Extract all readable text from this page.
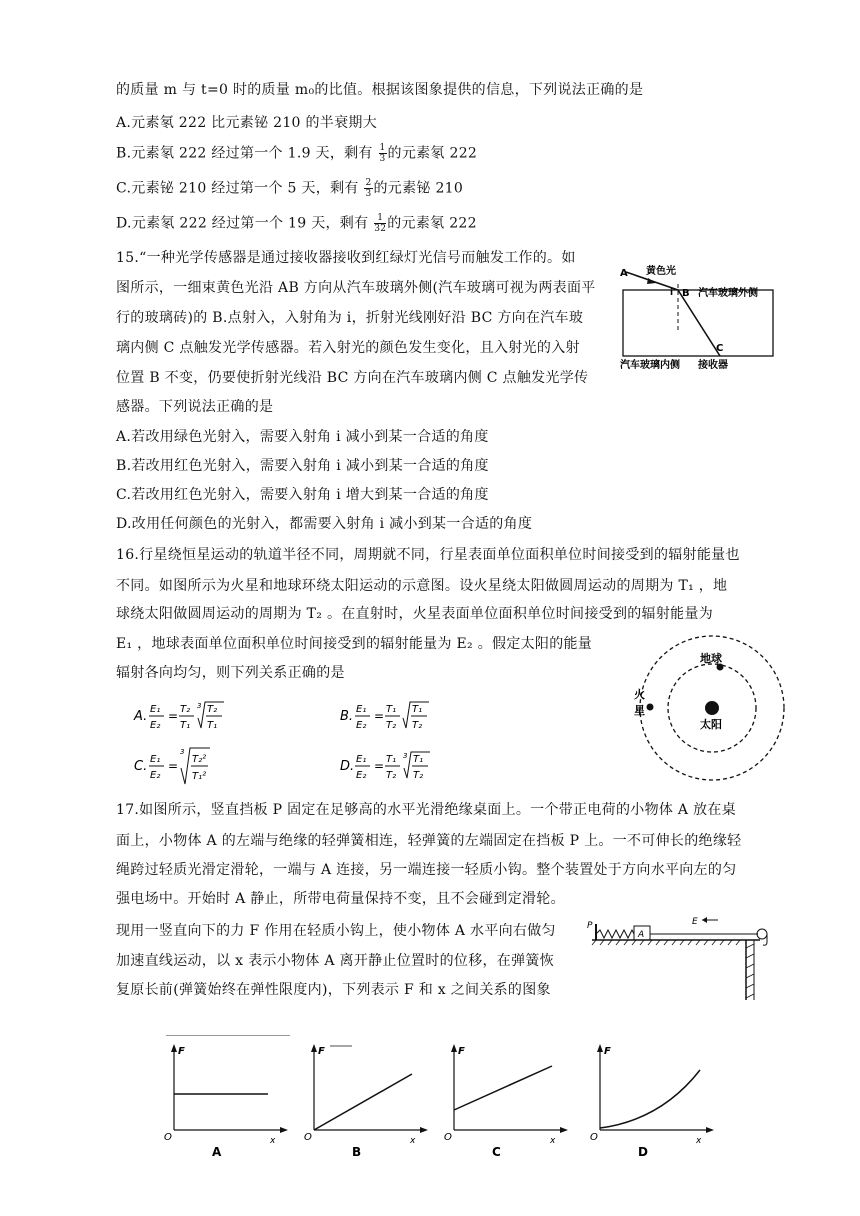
的质量 m 与 t=0 时的质量 m₀的比值。根据该图象提供的信息，下列说法正确的是
A.元素氡 222 比元素铋 210 的半衰期大
B.元素氡 222 经过第一个 1.9 天，剩有 $\frac{1}{3}$ 的元素氡 222
C.元素铋 210 经过第一个 5 天，剩有 $\frac{2}{3}$ 的元素铋 210
D.元素氡 222 经过第一个 19 天，剩有 $\frac{1}{32}$ 的元素氡 222
15.“一种光学传感器是通过接收器接收到红绿灯光信号而触发工作的。如
图所示，一细束黄色光沿 AB 方向从汽车玻璃外侧(汽车玻璃可视为两表面平
行的玻璃砖)的 B.点射入，入射角为 i，折射光线刚好沿 BC 方向在汽车玻
璃内侧 C 点触发光学传感器。若入射光的颜色发生变化，且入射光的入射
位置 B 不变，仍要使折射光线沿 BC 方向在汽车玻璃内侧 C 点触发光学传
感器。下列说法正确的是
A.若改用绿色光射入，需要入射角 i 减小到某一合适的角度
B.若改用红色光射入，需要入射角 i 减小到某一合适的角度
C.若改用红色光射入，需要入射角 i 增大到某一合适的角度
D.改用任何颜色的光射入，都需要入射角 i 减小到某一合适的角度
A 黄色光
i B 汽车玻璃外侧
C
汽车玻璃内侧 接收器
16.行星绕恒星运动的轨道半径不同，周期就不同，行星表面单位面积单位时间接受到的辐射能量也
不同。如图所示为火星和地球环绕太阳运动的示意图。设火星绕太阳做圆周运动的周期为 T₁ ，地
球绕太阳做圆周运动的周期为 T₂ 。在直射时，火星表面单位面积单位时间接受到的辐射能量为
E₁ ，地球表面单位面积单位时间接受到的辐射能量为 E₂ 。假定太阳的能量
辐射各向均匀，则下列关系正确的是
A. E₁
E₂
= T₂
T₁
3 T₂
T₁
B. E₁
E₂
= T₁
T₂
T₁
T₂
C. E₁
E₂
=
3
T₂²
T₁²
D. E₁
E₂
= T₁
T₂
3 T₁
T₂
地球
火
星
太阳
17.如图所示，竖直挡板 P 固定在足够高的水平光滑绝缘桌面上。一个带正电荷的小物体 A 放在桌
面上，小物体 A 的左端与绝缘的轻弹簧相连，轻弹簧的左端固定在挡板 P 上。一不可伸长的绝缘轻
绳跨过轻质光滑定滑轮，一端与 A 连接，另一端连接一轻质小钩。整个装置处于方向水平向左的匀
强电场中。开始时 A 静止，所带电荷量保持不变，且不会碰到定滑轮。
现用一竖直向下的力 F 作用在轻质小钩上，使小物体 A 水平向右做匀
加速直线运动，以 x 表示小物体 A 离开静止位置时的位移，在弹簧恢
复原长前(弹簧始终在弹性限度内)，下列表示 F 和 x 之间关系的图象
P
A
E
F
O	x
A
F
O	x
B
F
O	x
C
F
O	x
D
